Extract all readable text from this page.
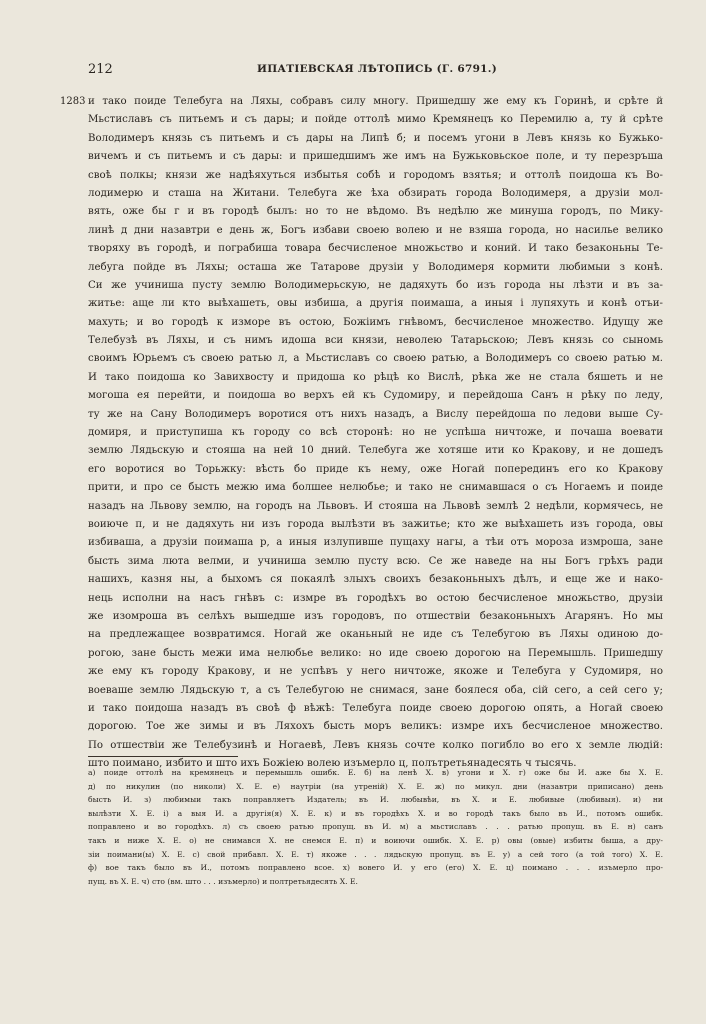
212	ИПАТІЕВСКАЯ ЛѢТОПИСЬ (Г. 6791.)
1283 и тако поиде Телебуга на Ляхы, собравъ силу многу. Пришедшу же ему къ Горинѣ, и срѣте й
Мьстиславъ съ питьемъ и съ дары; и пойде оттолѣ мимо Кремянецъ ко Перемилю а, ту й срѣте
Володимеръ князь съ питьемъ и съ дары на Липѣ б; и посемъ угони в Левъ князь ко Бужько-
вичемъ и съ питьемъ и съ дары: и пришедшимъ же имъ на Бужьковьское поле, и ту перезръша
своѣ полкы; князи же надѣяхуться избытья собѣ и городомъ взятья; и оттолѣ поидоша къ Во-
лодимерю и сташа на Житани. Телебуга же ѣха обзирать города Володимеря, а друзіи мол-
вять, оже бы г и въ городѣ былъ: но то не вѣдомо. Въ недѣлю же минуша городъ, по Мику-
линѣ д дни назавтри е день ж, Богъ избави своею волею и не взяша города, но насилье велико
творяху въ городѣ, и пограбиша товара бесчисленое множьство и коний. И тако безаконьны Те-
лебуга пойде въ Ляхы; осташа же Татарове друзіи у Володимеря кормити любимыи з конѣ.
Си же учиниша пусту землю Володимерьскую, не дадяхуть бо изъ города ны лѣзти и въ за-
житье: аще ли кто выѣхашеть, овы избиша, а другія поимаша, а иныя і лупяхуть и конѣ отъи-
махуть; и во городѣ к изморе въ остою, Божіимъ гнѣвомъ, бесчисленое множество. Идущу же
Телебузѣ въ Ляхы, и съ нимъ идоша вси князи, неволею Татарьскою; Левъ князь со сыномь
своимъ Юрьемъ съ своею ратью л, а Мьстиславъ со своею ратью, а Володимеръ со своею ратью м.
И тако поидоша ко Завихвосту и придоша ко рѣцѣ ко Вислѣ, рѣка же не стала бяшеть и не
могоша ея перейти, и поидоша во верхъ ей къ Судомиру, и перейдоша Санъ н рѣку по леду,
ту же на Сану Володимеръ воротися отъ нихъ назадъ, а Вислу перейдоша по ледови выше Су-
домиря, и приступиша къ городу со всѣ сторонѣ: но не успѣша ничтоже, и почаша воевати
землю Лядьскую и стояша на ней 10 дний. Телебуга же хотяше ити ко Кракову, и не дошедъ
его воротися во Торьжку: вѣсть бо приде къ нему, оже Ногай поперединъ его ко Кракову
прити, и про се бысть межю има болшее нелюбье; и тако не снимавшася о съ Ногаемъ и поиде
назадъ на Львову землю, на городъ на Львовъ. И стояша на Львовѣ землѣ 2 недѣли, кормячесь, не
воиюче п, и не дадяхуть ни изъ города вылѣзти въ зажитье; кто же выѣхашеть изъ города, овы
избиваша, а друзіи поимаша р, а иныя излупивше пущаху нагы, а тѣи отъ мороза измроша, зане
бысть зима люта велми, и учиниша землю пусту всю. Се же наведе на ны Богъ грѣхъ ради
нашихъ, казня ны, а быхомъ ся покаялѣ злыхъ своихъ безаконьныхъ дѣлъ, и еще же и нако-
нець исполни на насъ гнѣвъ с: измре въ городѣхъ во остою бесчисленое множьство, друзіи
же изомроша въ селѣхъ вышедше изъ городовъ, по отшествіи безаконьныхъ Агарянъ. Но мы
на предлежащее возвратимся. Ногай же оканьный не иде съ Телебугою въ Ляхы одиною до-
рогою, зане бысть межи има нелюбье велико: но иде своею дорогою на Перемышль. Пришедшу
же ему къ городу Кракову, и не успѣвъ у него ничтоже, якоже и Телебуга у Судомиря, но
воеваше землю Лядьскую т, а съ Телебугою не снимася, зане боялеся оба, сій сего, а сей сего у;
и тако поидоша назадъ въ своѣ ф вѣжѣ: Телебуга поиде своею дорогою опять, а Ногай своею
дорогою. Тое же зимы и въ Ляхохъ бысть моръ великъ: измре ихъ бесчисленое множество.
По отшествіи же Телебузинѣ и Ногаевѣ, Левъ князь сочте колко погибло во его х земле людій:
што поимано, избито и што ихъ Божіею волею изъмерло ц, полътретьянадесять ч тысячь.
а) поиде оттолѣ на кремянецъ и перемышль ошибк. Е. б) на ленѣ Х. в) угони и Х. г) оже бы И. аже бы Х. Е.
д) по никулин (по николи) Х. Е. е) наутріи (на утреній) Х. Е. ж) по микул. дни (назавтри приписано) день
бысть И. з) любимыи такъ поправляетъ Издатель; въ И. любывѣи, въ Х. и Е. любивые (любивыя). и) ни
вылѣзти Х. Е. і) а выя И. а другія(я) Х. Е. к) и въ городѣхъ Х. и во городѣ такъ было въ И., потомъ ошибк.
поправлено и во городѣхъ. л) съ своею ратью пропущ. въ И. м) а мьстиславъ . . . ратью пропущ. въ Е. н) санъ
такъ и ниже Х. Е. о) не снимався Х. не снемся Е. п) и воиючи ошибк. Х. Е. р) овы (овые) избиты быша, а дру-
зіи поимани(ы) Х. Е. с) свой прибавл. Х. Е. т) якоже . . . лядьскую пропущ. въ Е. у) а сей того (а той того) Х. Е.
ф) вое такъ было въ И., потомъ поправлено всое. х) вовего И. у его (его) Х. Е. ц) поимано . . . изъмерло про-
пущ. въ Х. Е. ч) сто (вм. што . . . изъмерло) и полтретьядесять Х. Е.
